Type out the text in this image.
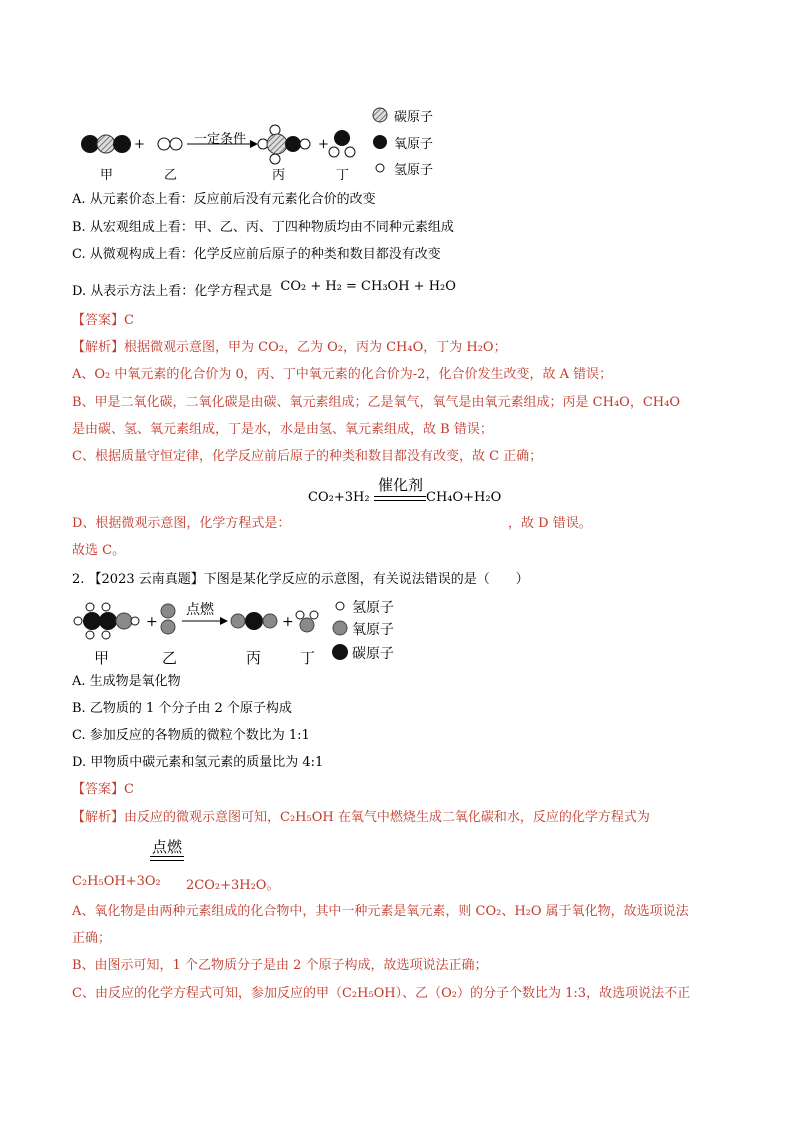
+	+
一定条件
甲	乙	丙	丁
碳原子
氧原子
氢原子
A. 从元素价态上看：反应前后没有元素化合价的改变
B. 从宏观组成上看：甲、乙、丙、丁四种物质均由不同种元素组成
C. 从微观构成上看：化学反应前后原子的种类和数目都没有改变
D. 从表示方法上看：化学方程式是 CO₂ + H₂ = CH₃OH + H₂O
【答案】C
【解析】根据微观示意图，甲为 CO₂，乙为 O₂，丙为 CH₄O，丁为 H₂O；
A、O₂ 中氧元素的化合价为 0，丙、丁中氧元素的化合价为-2，化合价发生改变，故 A 错误；
B、甲是二氧化碳，二氧化碳是由碳、氧元素组成；乙是氧气，氧气是由氧元素组成；丙是 CH₄O，CH₄O
是由碳、氢、氧元素组成，丁是水，水是由氢、氧元素组成，故 B 错误；
C、根据质量守恒定律，化学反应前后原子的种类和数目都没有改变，故 C 正确；
CO₂+3H₂
催化剂
CH₄O+H₂O
D、根据微观示意图，化学方程式是：	，故 D 错误。
故选 C。
2. 【2023 云南真题】下图是某化学反应的示意图，有关说法错误的是（　　）
+	+
点燃
甲	乙	丙	丁
氢原子
氧原子
碳原子
A. 生成物是氧化物
B. 乙物质的 1 个分子由 2 个原子构成
C. 参加反应的各物质的微粒个数比为 1:1
D. 甲物质中碳元素和氢元素的质量比为 4:1
【答案】C
【解析】由反应的微观示意图可知，C₂H₅OH 在氧气中燃烧生成二氧化碳和水，反应的化学方程式为
点燃
C₂H₅OH+3O₂ 2CO₂+3H₂O。
A、氧化物是由两种元素组成的化合物中，其中一种元素是氧元素，则 CO₂、H₂O 属于氧化物，故选项说法
正确；
B、由图示可知，1 个乙物质分子是由 2 个原子构成，故选项说法正确；
C、由反应的化学方程式可知，参加反应的甲（C₂H₅OH）、乙（O₂）的分子个数比为 1:3，故选项说法不正
